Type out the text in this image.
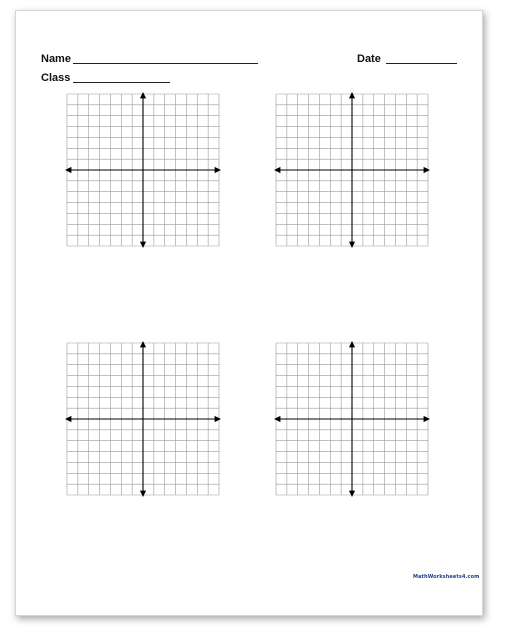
Name	Date
Class
MathWorksheets4.com
